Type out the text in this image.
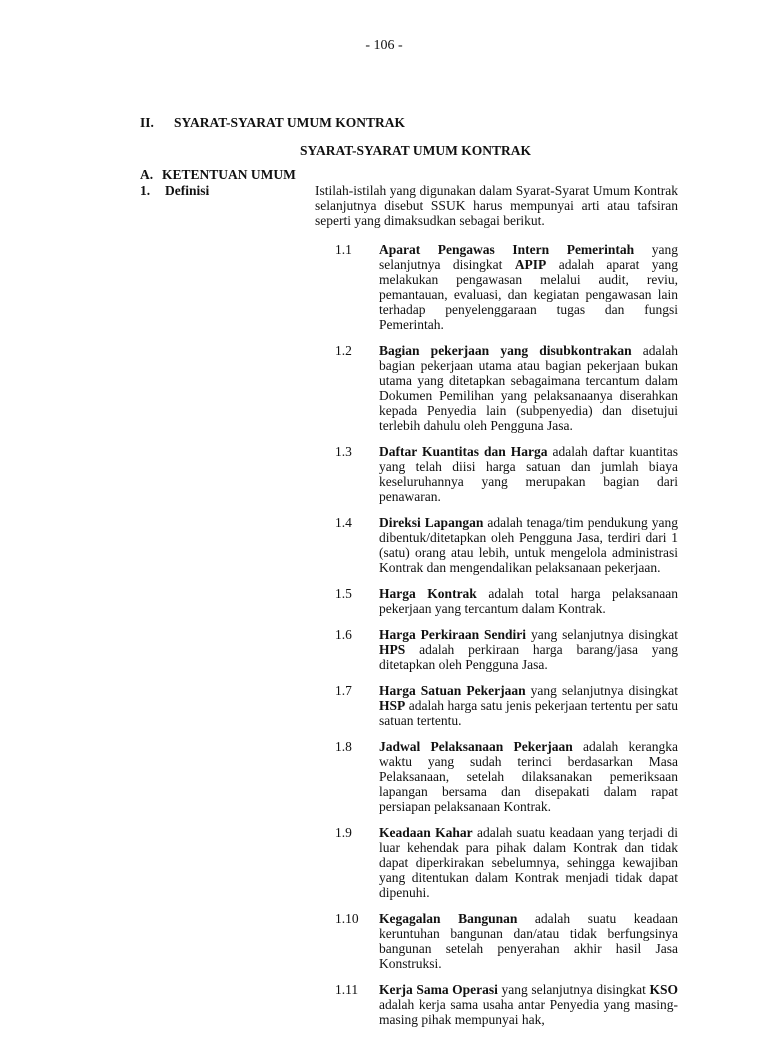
- 106 -
II. SYARAT-SYARAT UMUM KONTRAK
SYARAT-SYARAT UMUM KONTRAK
A. KETENTUAN UMUM
1. Definisi	Istilah-istilah yang digunakan dalam Syarat-Syarat Umum Kontrak selanjutnya disebut SSUK harus mempunyai arti atau tafsiran seperti yang dimaksudkan sebagai berikut.
1.1	Aparat Pengawas Intern Pemerintah yang selanjutnya disingkat APIP adalah aparat yang melakukan pengawasan melalui audit, reviu, pemantauan, evaluasi, dan kegiatan pengawasan lain terhadap penyelenggaraan tugas dan fungsi Pemerintah.
1.2	Bagian pekerjaan yang disubkontrakan adalah bagian pekerjaan utama atau bagian pekerjaan bukan utama yang ditetapkan sebagaimana tercantum dalam Dokumen Pemilihan yang pelaksanaanya diserahkan kepada Penyedia lain (subpenyedia) dan disetujui terlebih dahulu oleh Pengguna Jasa.
1.3	Daftar Kuantitas dan Harga adalah daftar kuantitas yang telah diisi harga satuan dan jumlah biaya keseluruhannya yang merupakan bagian dari penawaran.
1.4	Direksi Lapangan adalah tenaga/tim pendukung yang dibentuk/ditetapkan oleh Pengguna Jasa, terdiri dari 1 (satu) orang atau lebih, untuk mengelola administrasi Kontrak dan mengendalikan pelaksanaan pekerjaan.
1.5	Harga Kontrak adalah total harga pelaksanaan pekerjaan yang tercantum dalam Kontrak.
1.6	Harga Perkiraan Sendiri yang selanjutnya disingkat HPS adalah perkiraan harga barang/jasa yang ditetapkan oleh Pengguna Jasa.
1.7	Harga Satuan Pekerjaan yang selanjutnya disingkat HSP adalah harga satu jenis pekerjaan tertentu per satu satuan tertentu.
1.8	Jadwal Pelaksanaan Pekerjaan adalah kerangka waktu yang sudah terinci berdasarkan Masa Pelaksanaan, setelah dilaksanakan pemeriksaan lapangan bersama dan disepakati dalam rapat persiapan pelaksanaan Kontrak.
1.9	Keadaan Kahar adalah suatu keadaan yang terjadi di luar kehendak para pihak dalam Kontrak dan tidak dapat diperkirakan sebelumnya, sehingga kewajiban yang ditentukan dalam Kontrak menjadi tidak dapat dipenuhi.
1.10	Kegagalan Bangunan adalah suatu keadaan keruntuhan bangunan dan/atau tidak berfungsinya bangunan setelah penyerahan akhir hasil Jasa Konstruksi.
1.11	Kerja Sama Operasi yang selanjutnya disingkat KSO adalah kerja sama usaha antar Penyedia yang masing-masing pihak mempunyai hak,
